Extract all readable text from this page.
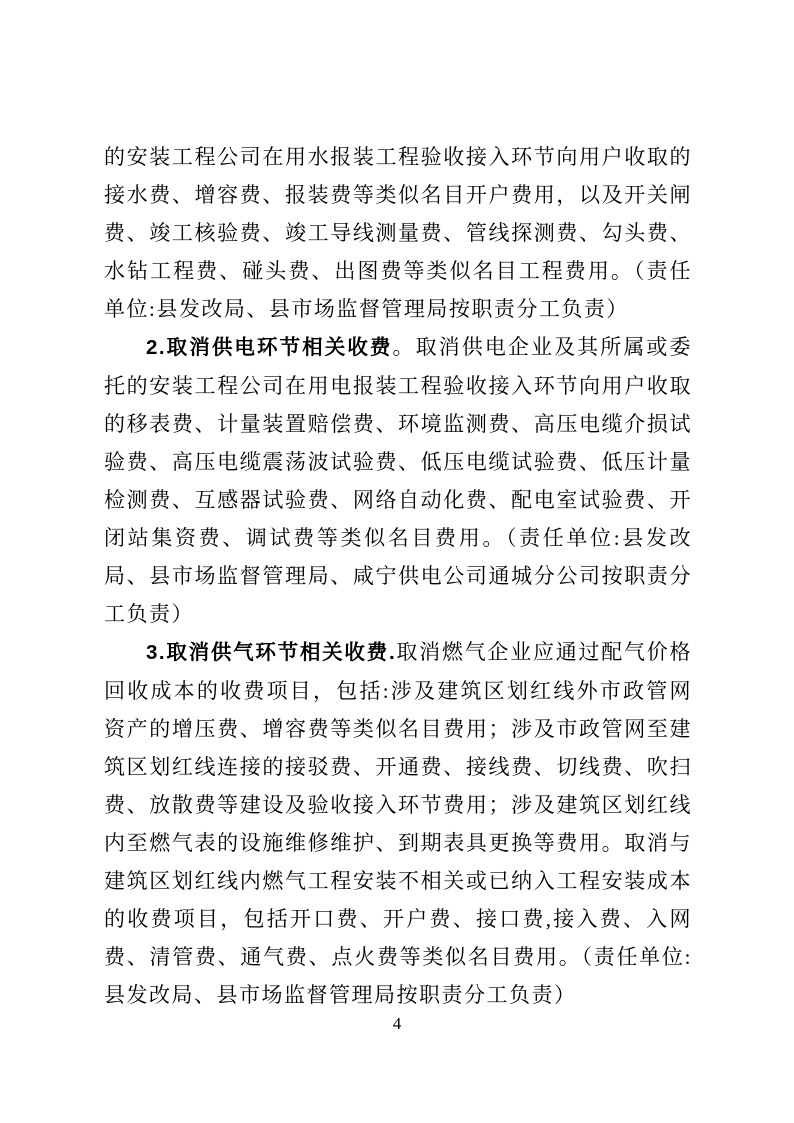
的安装工程公司在用水报装工程验收接入环节向用户收取的接水费、增容费、报装费等类似名目开户费用，以及开关闸费、竣工核验费、竣工导线测量费、管线探测费、勾头费、水钻工程费、碰头费、出图费等类似名目工程费用。（责任单位:县发改局、县市场监督管理局按职责分工负责）

2.取消供电环节相关收费。取消供电企业及其所属或委托的安装工程公司在用电报装工程验收接入环节向用户收取的移表费、计量装置赔偿费、环境监测费、高压电缆介损试验费、高压电缆震荡波试验费、低压电缆试验费、低压计量检测费、互感器试验费、网络自动化费、配电室试验费、开闭站集资费、调试费等类似名目费用。（责任单位:县发改局、县市场监督管理局、咸宁供电公司通城分公司按职责分工负责）

3.取消供气环节相关收费.取消燃气企业应通过配气价格回收成本的收费项目，包括:涉及建筑区划红线外市政管网资产的增压费、增容费等类似名目费用；涉及市政管网至建筑区划红线连接的接驳费、开通费、接线费、切线费、吹扫费、放散费等建设及验收接入环节费用；涉及建筑区划红线内至燃气表的设施维修维护、到期表具更换等费用。取消与建筑区划红线内燃气工程安装不相关或已纳入工程安装成本的收费项目，包括开口费、开户费、接口费,接入费、入网费、清管费、通气费、点火费等类似名目费用。（责任单位:县发改局、县市场监督管理局按职责分工负责）

4
